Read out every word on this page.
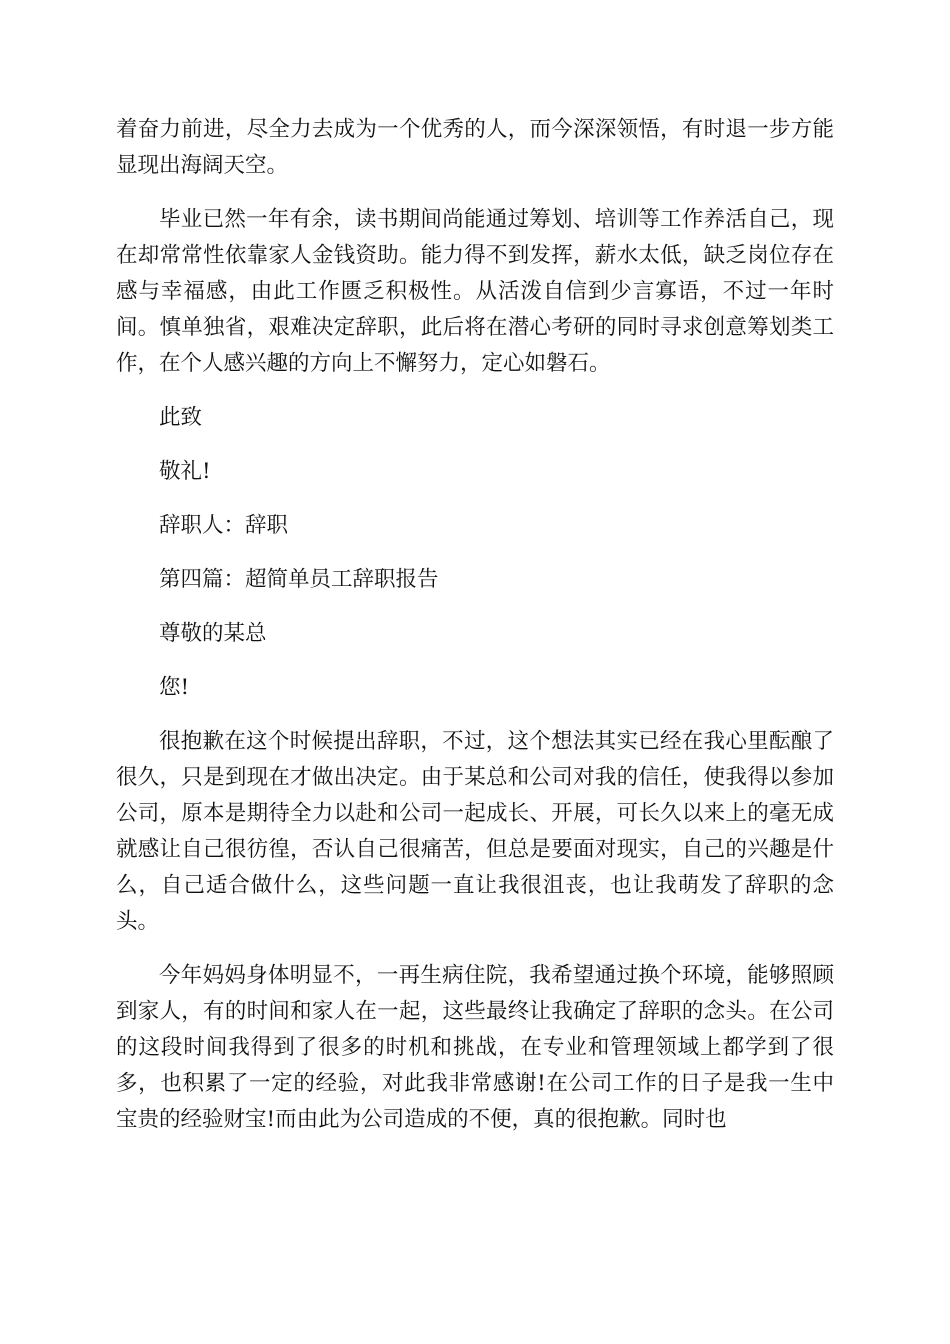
着奋力前进，尽全力去成为一个优秀的人，而今深深领悟，有时退一步方能显现出海阔天空。

毕业已然一年有余，读书期间尚能通过筹划、培训等工作养活自己，现在却常常性依靠家人金钱资助。能力得不到发挥，薪水太低，缺乏岗位存在感与幸福感，由此工作匮乏积极性。从活泼自信到少言寡语，不过一年时间。慎单独省，艰难决定辞职，此后将在潜心考研的同时寻求创意筹划类工作，在个人感兴趣的方向上不懈努力，定心如磐石。

此致

敬礼!

辞职人：辞职

第四篇：超简单员工辞职报告

尊敬的某总

您!

很抱歉在这个时候提出辞职，不过，这个想法其实已经在我心里酝酿了很久，只是到现在才做出决定。由于某总和公司对我的信任，使我得以参加公司，原本是期待全力以赴和公司一起成长、开展，可长久以来上的毫无成就感让自己很彷徨，否认自己很痛苦，但总是要面对现实，自己的兴趣是什么，自己适合做什么，这些问题一直让我很沮丧，也让我萌发了辞职的念头。

今年妈妈身体明显不，一再生病住院，我希望通过换个环境，能够照顾到家人，有的时间和家人在一起，这些最终让我确定了辞职的念头。在公司的这段时间我得到了很多的时机和挑战，在专业和管理领域上都学到了很多，也积累了一定的经验，对此我非常感谢!在公司工作的日子是我一生中宝贵的经验财宝!而由此为公司造成的不便，真的很抱歉。同时也
